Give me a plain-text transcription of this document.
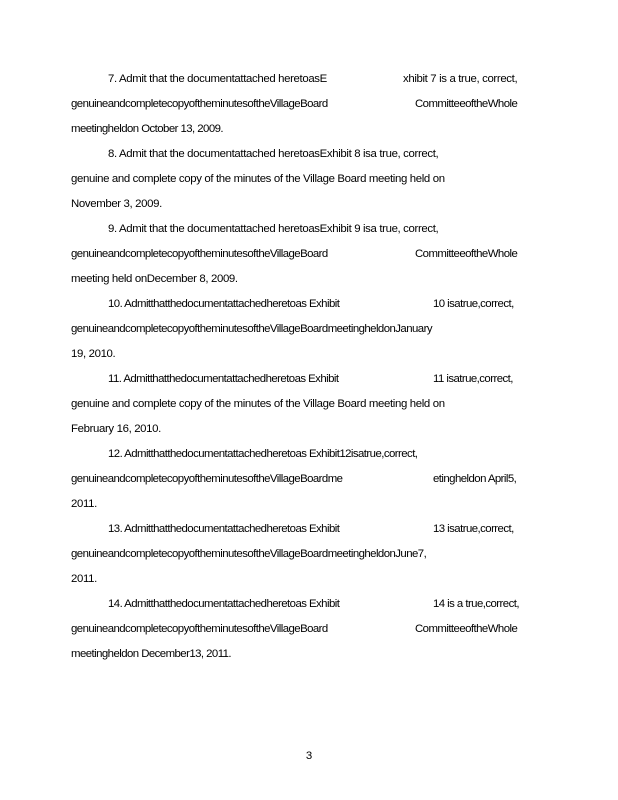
7. Admit that the documentattached heretoasE	xhibit 7 is a true, correct,
genuineandcompletecopyoftheminutesoftheVillageBoard	CommitteeoftheWhole
meetingheldon October 13, 2009.
8. Admit that the documentattached heretoasExhibit 8 isa true, correct,
genuine and complete copy of the minutes of the Village Board meeting held on
November 3, 2009.
9. Admit that the documentattached heretoasExhibit 9 isa true, correct,
genuineandcompletecopyoftheminutesoftheVillageBoard	CommitteeoftheWhole
meeting held onDecember 8, 2009.
10. Admitthatthedocumentattachedheretoas Exhibit	10 isatrue,correct,
genuineandcompletecopyoftheminutesoftheVillageBoardmeetingheldonJanuary
19, 2010.
11. Admitthatthedocumentattachedheretoas Exhibit	11 isatrue,correct,
genuine and complete copy of the minutes of the Village Board meeting held on
February 16, 2010.
12. Admitthatthedocumentattachedheretoas Exhibit12isatrue,correct,
genuineandcompletecopyoftheminutesoftheVillageBoardme	etingheldon April5,
2011.
13. Admitthatthedocumentattachedheretoas Exhibit	13 isatrue,correct,
genuineandcompletecopyoftheminutesoftheVillageBoardmeetingheldonJune7,
2011.
14. Admitthatthedocumentattachedheretoas Exhibit	14 is a true,correct,
genuineandcompletecopyoftheminutesoftheVillageBoard	CommitteeoftheWhole
meetingheldon December13, 2011.
3
